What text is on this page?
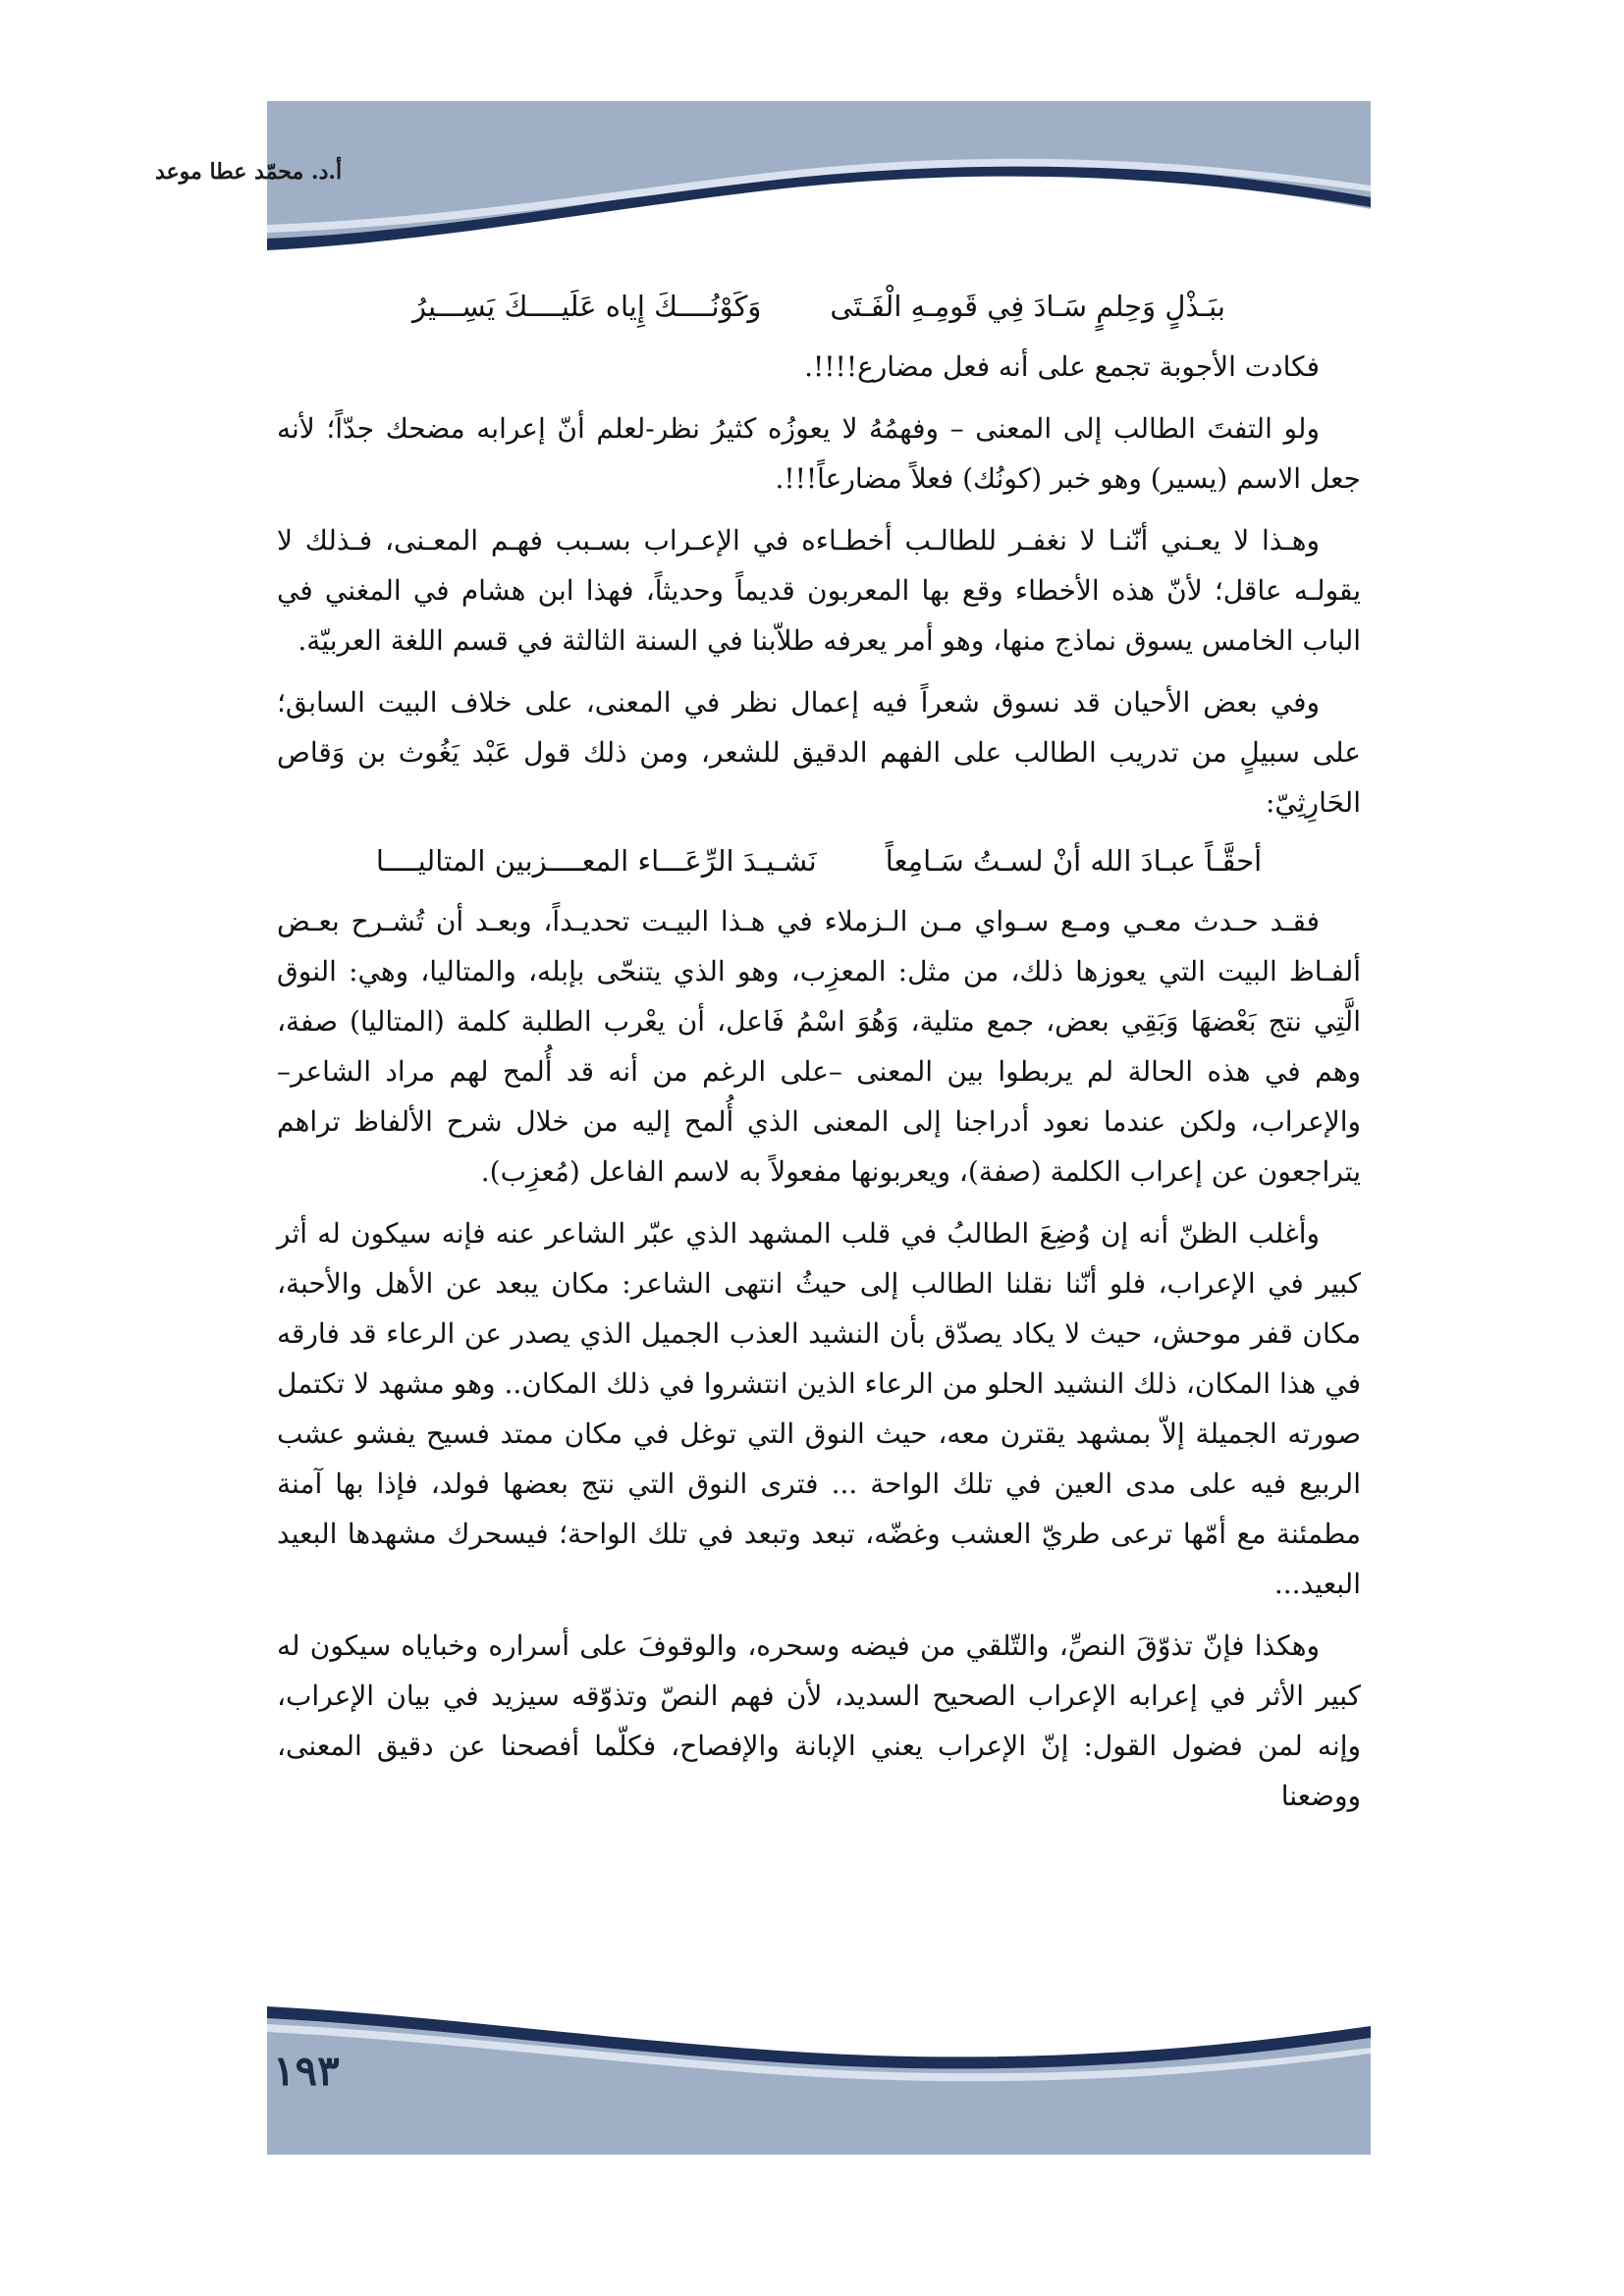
أ.د. محمّد عطا موعد
ببَـذْلٍ وَحِلمٍ سَـادَ فِي قَومِـهِ الْفَـتَى
وَكَوْنُــــكَ إِياه عَلَيــــكَ يَسِـــيرُ

فكادت الأجوبة تجمع على أنه فعل مضارع!!!!.

ولو التفتَ الطالب إلى المعنى – وفهمُهُ لا يعوزُه كثيرُ نظر-لعلم أنّ إعرابه مضحك جدّاً؛ لأنه جعل الاسم (يسير) وهو خبر (كونُك) فعلاً مضارعاً!!!.

وهـذا لا يعـني أنّنـا لا نغفـر للطالـب أخطـاءه في الإعـراب بسـبب فهـم المعـنى، فـذلك لا يقولـه عاقل؛ لأنّ هذه الأخطاء وقع بها المعربون قديماً وحديثاً، فهذا ابن هشام في المغني في الباب الخامس يسوق نماذج منها، وهو أمر يعرفه طلاّبنا في السنة الثالثة في قسم اللغة العربيّة.

وفي بعض الأحيان قد نسوق شعراً فيه إعمال نظر في المعنى، على خلاف البيت السابق؛ على سبيلٍ من تدريب الطالب على الفهم الدقيق للشعر، ومن ذلك قول عَبْد يَغُوث بن وَقاص الحَارِثِيّ:

أحقَّـاً عبـادَ الله أنْ لسـتُ سَـامِعاً
نَشـيـدَ الرِّعَـــاء المعــــزبين المتاليــــا

فقـد حـدث معـي ومـع سـواي مـن الـزملاء في هـذا البيـت تحديـداً، وبعـد أن تُشـرح بعـض ألفـاظ البيت التي يعوزها ذلك، من مثل: المعزِب، وهو الذي يتنحّى بإبله، والمتاليا، وهي: النوق الَّتِي نتج بَعْضهَا وَبَقِي بعض، جمع متلية، وَهُوَ اسْمُ فَاعل، أن يعْرب الطلبة كلمة (المتاليا) صفة، وهم في هذه الحالة لم يربطوا بين المعنى –على الرغم من أنه قد أُلمح لهم مراد الشاعر–والإعراب، ولكن عندما نعود أدراجنا إلى المعنى الذي أُلمح إليه من خلال شرح الألفاظ تراهم يتراجعون عن إعراب الكلمة (صفة)، ويعربونها مفعولاً به لاسم الفاعل (مُعزِب).

وأغلب الظنّ أنه إن وُضِعَ الطالبُ في قلب المشهد الذي عبّر الشاعر عنه فإنه سيكون له أثر كبير في الإعراب، فلو أنّنا نقلنا الطالب إلى حيثُ انتهى الشاعر: مكان يبعد عن الأهل والأحبة، مكان قفر موحش، حيث لا يكاد يصدّق بأن النشيد العذب الجميل الذي يصدر عن الرعاء قد فارقه في هذا المكان، ذلك النشيد الحلو من الرعاء الذين انتشروا في ذلك المكان.. وهو مشهد لا تكتمل صورته الجميلة إلاّ بمشهد يقترن معه، حيث النوق التي توغل في مكان ممتد فسيح يفشو عشب الربيع فيه على مدى العين في تلك الواحة ... فترى النوق التي نتج بعضها فولد، فإذا بها آمنة مطمئنة مع أمّها ترعى طريّ العشب وغضّه، تبعد وتبعد في تلك الواحة؛ فيسحرك مشهدها البعيد البعيد...

وهكذا فإنّ تذوّقَ النصِّ، والتّلقي من فيضه وسحره، والوقوفَ على أسراره وخباياه سيكون له كبير الأثر في إعرابه الإعراب الصحيح السديد، لأن فهم النصّ وتذوّقه سيزيد في بيان الإعراب، وإنه لمن فضول القول: إنّ الإعراب يعني الإبانة والإفصاح، فكلّما أفصحنا عن دقيق المعنى، ووضعنا

١٩٣
